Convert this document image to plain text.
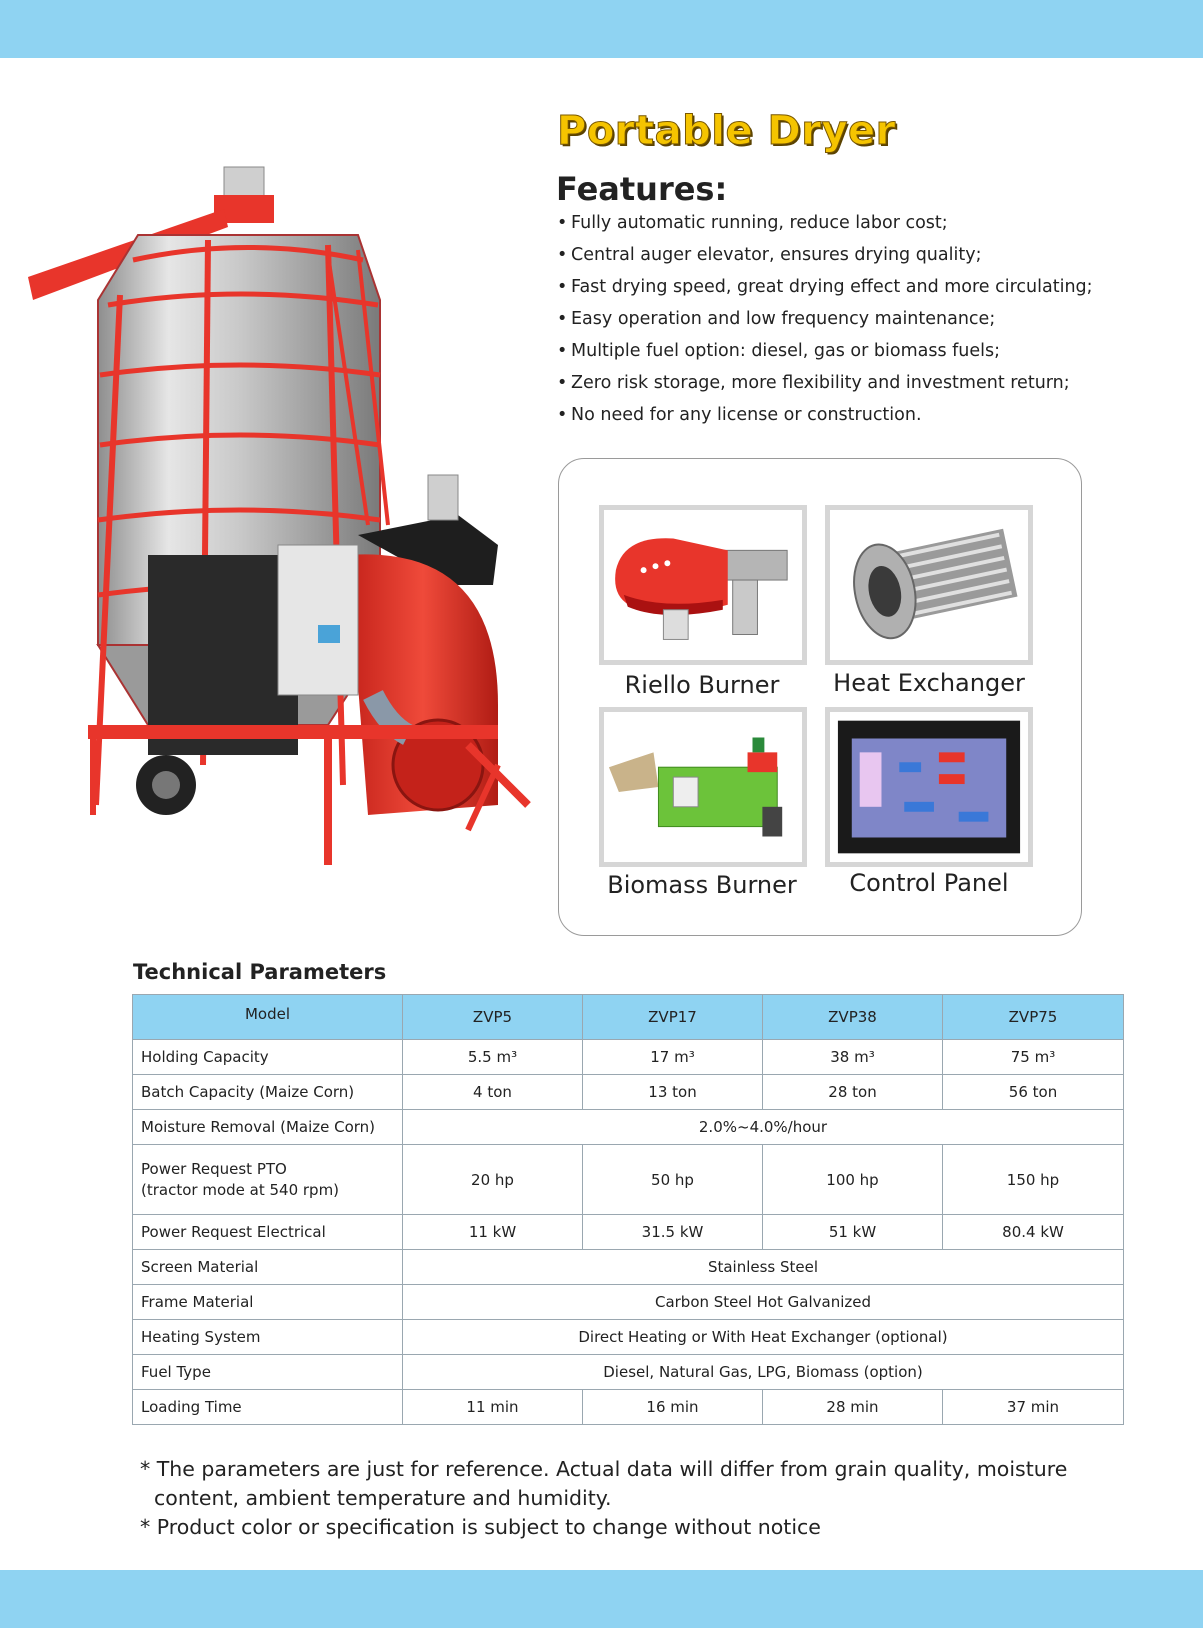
Portable Dryer
Features:
• Fully automatic running, reduce labor cost;
• Central auger elevator, ensures drying quality;
• Fast drying speed, great drying effect and more circulating;
• Easy operation and low frequency maintenance;
• Multiple fuel option: diesel, gas or biomass fuels;
• Zero risk storage, more flexibility and investment return;
• No need for any license or construction.
Riello Burner	Heat Exchanger
Biomass Burner	Control Panel
Technical Parameters
Model	ZVP5	ZVP17	ZVP38	ZVP75
Holding Capacity	5.5 m³	17 m³	38 m³	75 m³
Batch Capacity (Maize Corn)	4 ton	13 ton	28 ton	56 ton
Moisture Removal (Maize Corn)	2.0%~4.0%/hour			

Power Request PTO
(tractor mode at 540 rpm)	20 hp	50 hp	100 hp	150 hp
Power Request Electrical	11 kW	31.5 kW	51 kW	80.4 kW
Screen Material	Stainless Steel			
Frame Material	Carbon Steel Hot Galvanized			
Heating System	Direct Heating or With Heat Exchanger (optional)			
Fuel Type	Diesel, Natural Gas, LPG, Biomass (option)			
Loading Time	11 min	16 min	28 min	37 min

* The parameters are just for reference. Actual data will differ from grain quality, moisture

content, ambient temperature and humidity.

* Product color or specification is subject to change without notice
